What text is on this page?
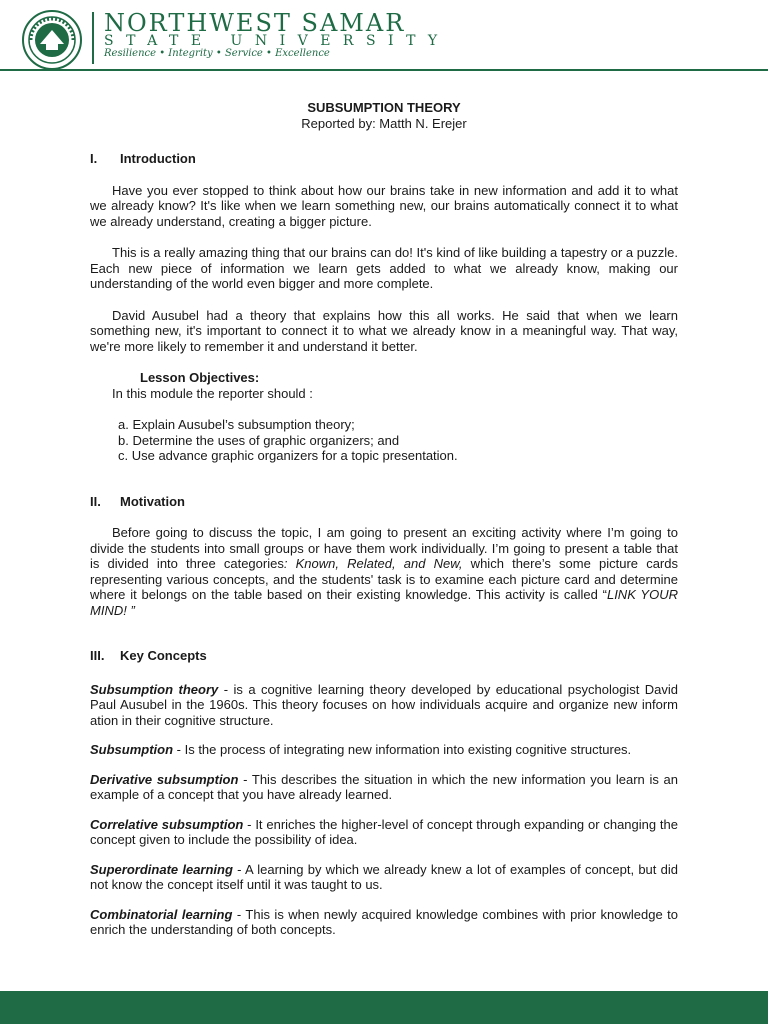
NORTHWEST SAMAR
STATE UNIVERSITY
Resilience • Integrity • Service • Excellence
SUBSUMPTION THEORY
Reported by: Matth N. Erejer
I. Introduction
Have you ever stopped to think about how our brains take in new information and add it to what we already know? It's like when we learn something new, our brains automatically connect it to what we already understand, creating a bigger picture.
This is a really amazing thing that our brains can do! It's kind of like building a tapestry or a puzzle. Each new piece of information we learn gets added to what we already know, making our understanding of the world even bigger and more complete.
David Ausubel had a theory that explains how this all works. He said that when we learn something new, it's important to connect it to what we already know in a meaningful way. That way, we're more likely to remember it and understand it better.
Lesson Objectives:
In this module the reporter should :
a. Explain Ausubel’s subsumption theory;
b. Determine the uses of graphic organizers; and
c. Use advance graphic organizers for a topic presentation.
II. Motivation
Before going to discuss the topic, I am going to present an exciting activity where I’m going to divide the students into small groups or have them work individually. I’m going to present a table that is divided into three categories: Known, Related, and New, which there’s some picture cards representing various concepts, and the students' task is to examine each picture card and determine where it belongs on the table based on their existing knowledge. This activity is called “LINK YOUR MIND! ”
III. Key Concepts
Subsumption theory - is a cognitive learning theory developed by educational psychologist David Paul Ausubel in the 1960s. This theory focuses on how individuals acquire and organize new inform ation in their cognitive structure.
Subsumption - Is the process of integrating new information into existing cognitive structures.
Derivative subsumption - This describes the situation in which the new information you learn is an example of a concept that you have already learned.
Correlative subsumption - It enriches the higher-level of concept through expanding or changing the concept given to include the possibility of idea.
Superordinate learning - A learning by which we already knew a lot of examples of concept, but did not know the concept itself until it was taught to us.
Combinatorial learning - This is when newly acquired knowledge combines with prior knowledge to enrich the understanding of both concepts.
